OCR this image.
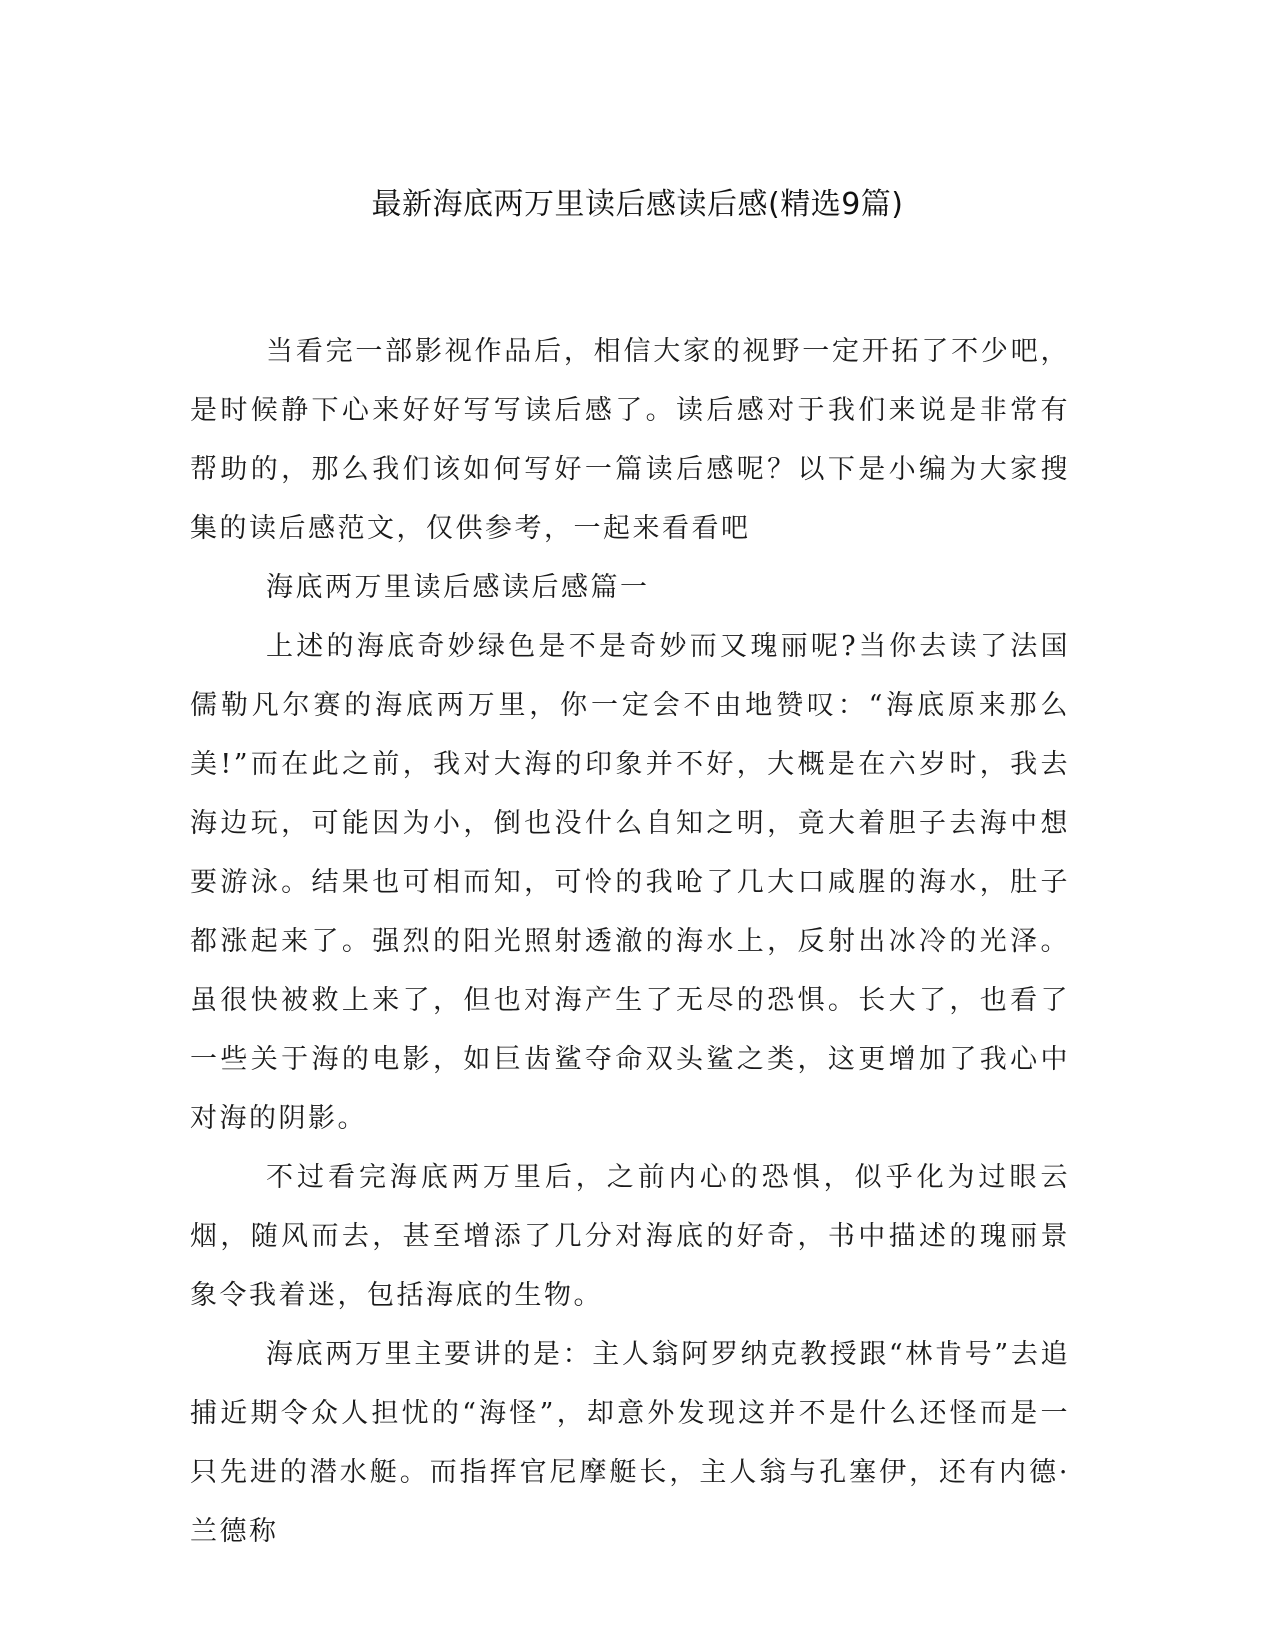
最新海底两万里读后感读后感(精选9篇)

当看完一部影视作品后，相信大家的视野一定开拓了不少吧，是时候静下心来好好写写读后感了。读后感对于我们来说是非常有帮助的，那么我们该如何写好一篇读后感呢？以下是小编为大家搜集的读后感范文，仅供参考，一起来看看吧

海底两万里读后感读后感篇一

上述的海底奇妙绿色是不是奇妙而又瑰丽呢?当你去读了法国儒勒凡尔赛的海底两万里，你一定会不由地赞叹：“海底原来那么美!”而在此之前，我对大海的印象并不好，大概是在六岁时，我去海边玩，可能因为小，倒也没什么自知之明，竟大着胆子去海中想要游泳。结果也可相而知，可怜的我呛了几大口咸腥的海水，肚子都涨起来了。强烈的阳光照射透澈的海水上，反射出冰冷的光泽。虽很快被救上来了，但也对海产生了无尽的恐惧。长大了，也看了一些关于海的电影，如巨齿鲨夺命双头鲨之类，这更增加了我心中对海的阴影。

不过看完海底两万里后，之前内心的恐惧，似乎化为过眼云烟，随风而去，甚至增添了几分对海底的好奇，书中描述的瑰丽景象令我着迷，包括海底的生物。

海底两万里主要讲的是：主人翁阿罗纳克教授跟“林肯号”去追捕近期令众人担忧的“海怪”，却意外发现这并不是什么还怪而是一只先进的潜水艇。而指挥官尼摩艇长，主人翁与孔塞伊，还有内德·兰德称
